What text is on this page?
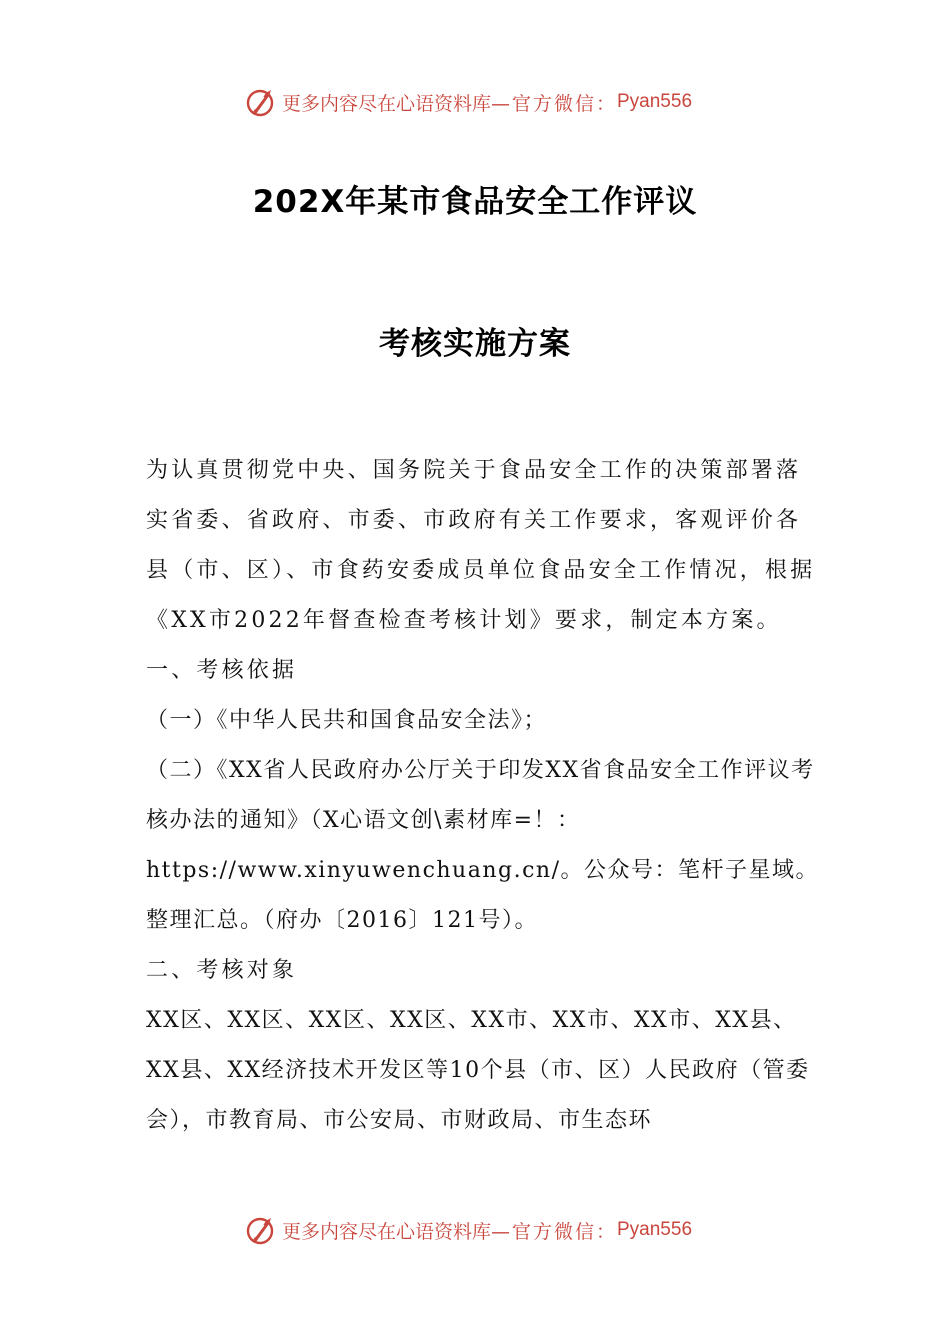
更多内容尽在心语资料库 —官方微信： Pyan556
202X年某市食品安全工作评议
考核实施方案

为认真贯彻党中央、国务院关于食品安全工作的决策部署落实省委、省政府、市委、市政府有关工作要求，客观评价各县（市、区）、市食药安委成员单位食品安全工作情况，根据《XX市2022年督查检查考核计划》要求，制定本方案。

一、考核依据

（一）《中华人民共和国食品安全法》；

（二）《XX省人民政府办公厅关于印发XX省食品安全工作评议考核办法的通知》（X心语文创\素材库=！：https://www.xinyuwenchuang.cn/。公众号：笔杆子星域。整理汇总。（府办〔2016〕121号）。

二、考核对象

XX区、XX区、XX区、XX区、XX市、XX市、XX市、XX县、XX县、XX经济技术开发区等10个县（市、区）人民政府（管委会），市教育局、市公安局、市财政局、市生态环

更多内容尽在心语资料库 —官方微信： Pyan556
